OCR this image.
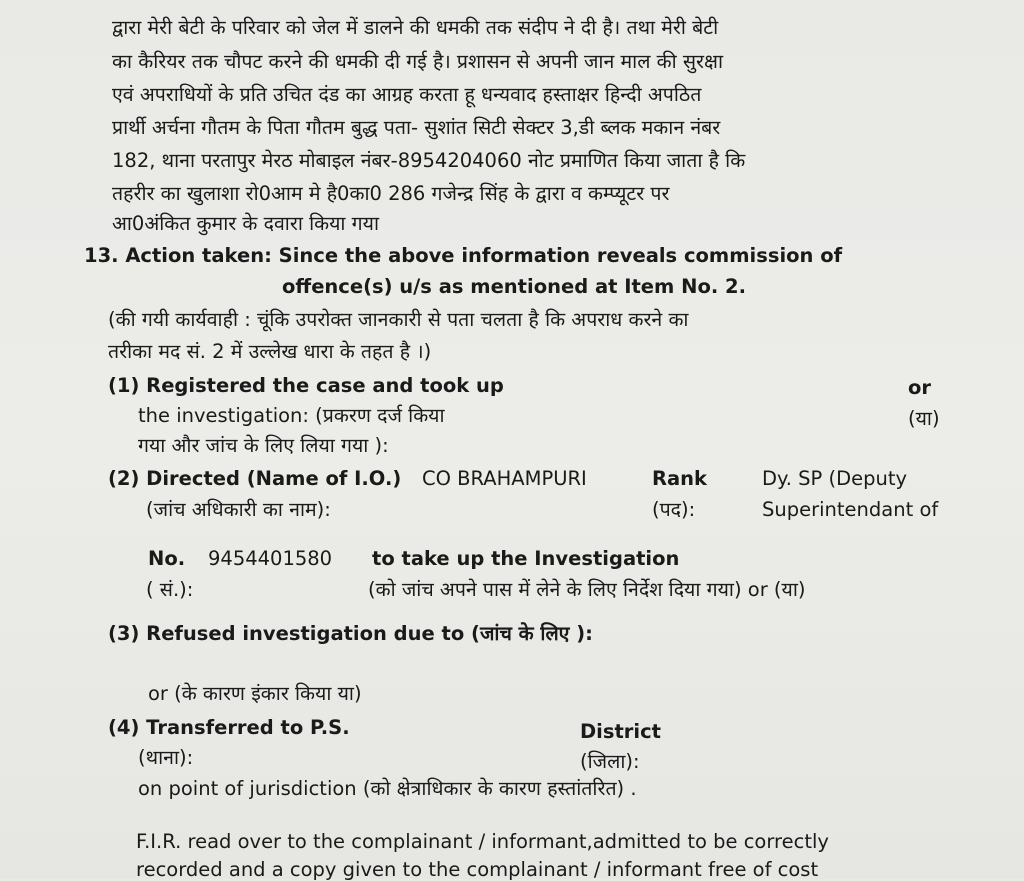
द्वारा मेरी बेटी के परिवार को जेल में डालने की धमकी तक संदीप ने दी है। तथा मेरी बेटी
का कैरियर तक चौपट करने की धमकी दी गई है। प्रशासन से अपनी जान माल की सुरक्षा
एवं अपराधियों के प्रति उचित दंड का आग्रह करता हू धन्यवाद हस्ताक्षर हिन्दी अपठित
प्रार्थी अर्चना गौतम के पिता गौतम बुद्ध पता- सुशांत सिटी सेक्टर 3,डी ब्लक मकान नंबर
182, थाना परतापुर मेरठ मोबाइल नंबर-8954204060 नोट प्रमाणित किया जाता है कि
तहरीर का खुलाशा रो0आम मे है0का0 286 गजेन्द्र सिंह के द्वारा व कम्प्यूटर पर
आ0अंकित कुमार के दवारा किया गया
13. Action taken: Since the above information reveals commission of
offence(s) u/s as mentioned at Item No. 2.
(की गयी कार्यवाही : चूंकि उपरोक्त जानकारी से पता चलता है कि अपराध करने का
तरीका मद सं. 2 में उल्लेख धारा के तहत है ।)
(1) Registered the case and took up
the investigation: (प्रकरण दर्ज किया
गया और जांच के लिए लिया गया ):
or
(या)
(2) Directed (Name of I.O.)
(जांच अधिकारी का नाम):
CO BRAHAMPURI	Rank
(पद):
Dy. SP (Deputy
Superintendant of
No.
( सं.):
9454401580 to take up the Investigation
(को जांच अपने पास में लेने के लिए निर्देश दिया गया) or (या)
(3) Refused investigation due to (जांच के लिए ):
or (के कारण इंकार किया या)
(4) Transferred to P.S.
(थाना):
District
(जिला):
on point of jurisdiction (को क्षेत्राधिकार के कारण हस्तांतरित) .
F.I.R. read over to the complainant / informant,admitted to be correctly
recorded and a copy given to the complainant / informant free of cost
